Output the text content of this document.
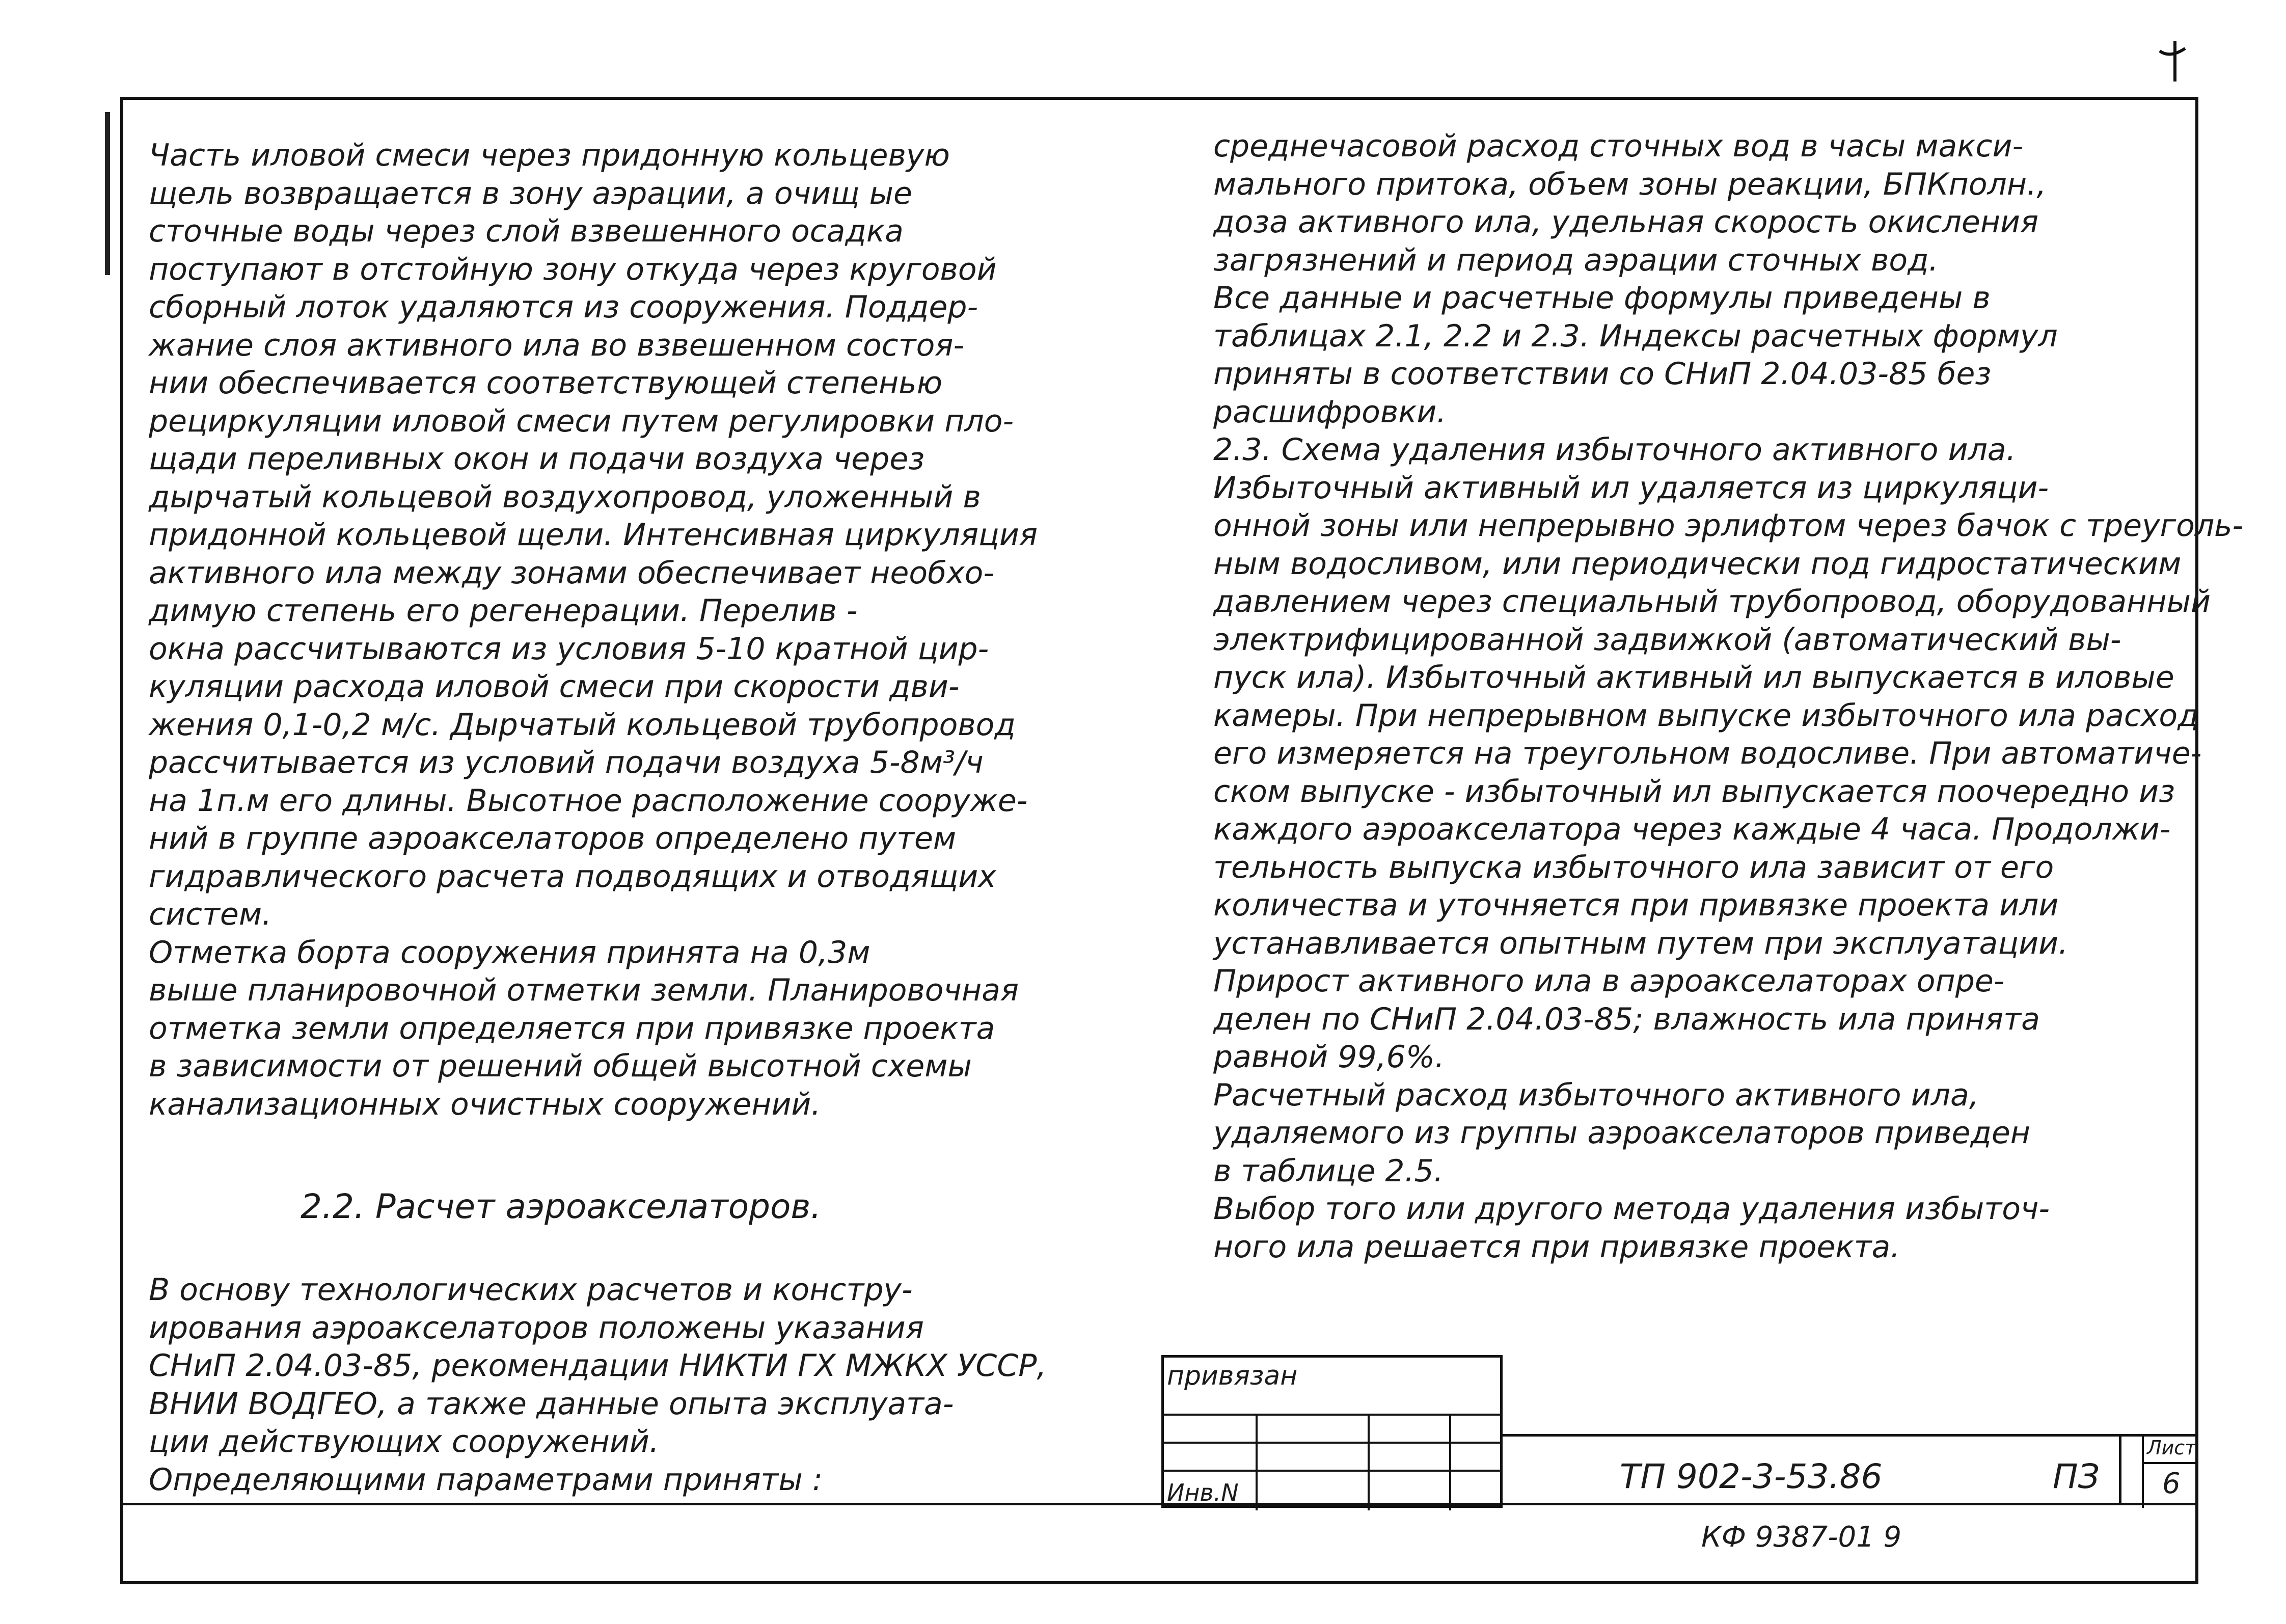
Часть иловой смеси через придонную кольцевую

щель возвращается в зону аэрации, а очищ ые

сточные воды через слой взвешенного осадка

поступают в отстойную зону откуда через круговой

сборный лоток удаляются из сооружения. Поддер-

жание слоя активного ила во взвешенном состоя-

нии обеспечивается соответствующей степенью

рециркуляции иловой смеси путем регулировки пло-

щади переливных окон и подачи воздуха через

дырчатый кольцевой воздухопровод, уложенный в

придонной кольцевой щели. Интенсивная циркуляция

активного ила между зонами обеспечивает необхо-

димую степень его регенерации. Перелив -

окна рассчитываются из условия 5-10 кратной цир-

куляции расхода иловой смеси при скорости дви-

жения 0,1-0,2 м/с. Дырчатый кольцевой трубопровод

рассчитывается из условий подачи воздуха 5-8м³/ч

на 1п.м его длины. Высотное расположение сооруже-

ний в группе аэроакселаторов определено путем

гидравлического расчета подводящих и отводящих

систем.

Отметка борта сооружения принята на 0,3м

выше планировочной отметки земли. Планировочная

отметка земли определяется при привязке проекта

в зависимости от решений общей высотной схемы

канализационных очистных сооружений.

2.2. Расчет аэроакселаторов.

В основу технологических расчетов и констру-

ирования аэроакселаторов положены указания

СНиП 2.04.03-85, рекомендации НИКТИ ГХ МЖКХ УССР,

ВНИИ ВОДГЕО, а также данные опыта эксплуата-

ции действующих сооружений.

Определяющими параметрами приняты :

среднечасовой расход сточных вод в часы макси-

мального притока, объем зоны реакции, БПКполн.,

доза активного ила, удельная скорость окисления

загрязнений и период аэрации сточных вод.

Все данные и расчетные формулы приведены в

таблицах 2.1, 2.2 и 2.3. Индексы расчетных формул

приняты в соответствии со СНиП 2.04.03-85 без

расшифровки.

2.3. Схема удаления избыточного активного ила.

Избыточный активный ил удаляется из циркуляци-

онной зоны или непрерывно эрлифтом через бачок с треуголь-

ным водосливом, или периодически под гидростатическим

давлением через специальный трубопровод, оборудованный

электрифицированной задвижкой (автоматический вы-

пуск ила). Избыточный активный ил выпускается в иловые

камеры. При непрерывном выпуске избыточного ила расход

его измеряется на треугольном водосливе. При автоматиче-

ском выпуске - избыточный ил выпускается поочередно из

каждого аэроакселатора через каждые 4 часа. Продолжи-

тельность выпуска избыточного ила зависит от его

количества и уточняется при привязке проекта или

устанавливается опытным путем при эксплуатации.

Прирост активного ила в аэроакселаторах опре-

делен по СНиП 2.04.03-85; влажность ила принята

равной 99,6%.

Расчетный расход избыточного активного ила,

удаляемого из группы аэроакселаторов приведен

в таблице 2.5.

Выбор того или другого метода удаления избыточ-

ного ила решается при привязке проекта.

привязан
Инв.N	ТП 902-3-53.86	ПЗ
Лист
6
КФ 9387-01 9
